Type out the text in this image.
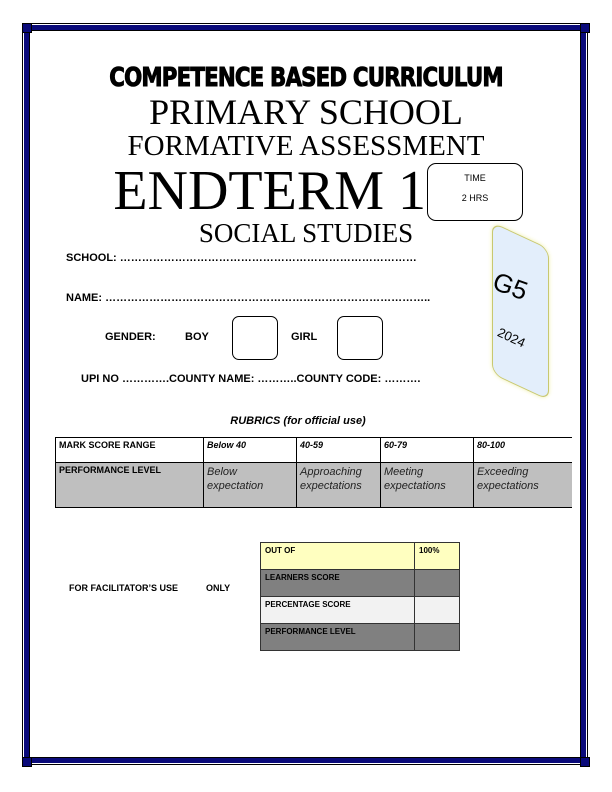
COMPETENCE BASED CURRICULUM
PRIMARY SCHOOL
FORMATIVE ASSESSMENT
ENDTERM 1
SOCIAL STUDIES
TIME
2 HRS
G5
2024
SCHOOL: ………………………………………………………………………
NAME: ……………………………………………………………………………..
GENDER:	BOY	GIRL
UPI NO ………….COUNTY NAME: ………..COUNTY CODE: ……….
RUBRICS (for official use)
MARK SCORE RANGE	Below 40	40-59	60-79	80-100
PERFORMANCE LEVEL	Below expectation	Approaching expectations	Meeting expectations	Exceeding expectations
FOR FACILITATOR’S USE	ONLY
OUT OF	100%
LEARNERS SCORE	
PERCENTAGE SCORE	
PERFORMANCE LEVEL	
